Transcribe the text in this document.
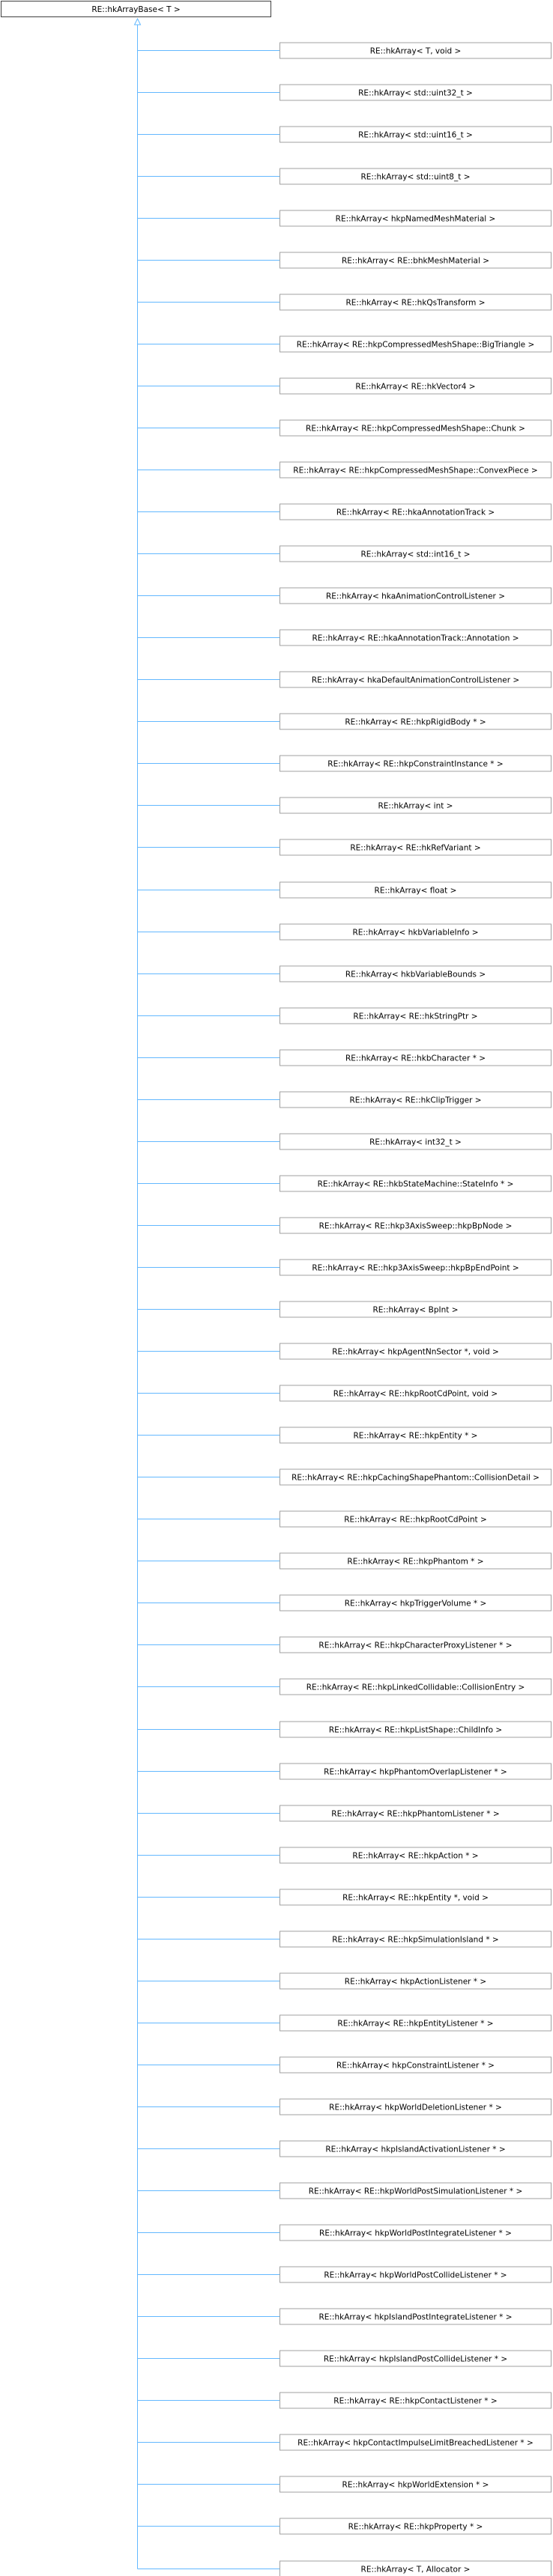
RE::hkArrayBase< T >
RE::hkArray< T, void >
RE::hkArray< std::uint32_t >
RE::hkArray< std::uint16_t >
RE::hkArray< std::uint8_t >
RE::hkArray< hkpNamedMeshMaterial >
RE::hkArray< RE::bhkMeshMaterial >
RE::hkArray< RE::hkQsTransform >
RE::hkArray< RE::hkpCompressedMeshShape::BigTriangle >
RE::hkArray< RE::hkVector4 >
RE::hkArray< RE::hkpCompressedMeshShape::Chunk >
RE::hkArray< RE::hkpCompressedMeshShape::ConvexPiece >
RE::hkArray< RE::hkaAnnotationTrack >
RE::hkArray< std::int16_t >
RE::hkArray< hkaAnimationControlListener >
RE::hkArray< RE::hkaAnnotationTrack::Annotation >
RE::hkArray< hkaDefaultAnimationControlListener >
RE::hkArray< RE::hkpRigidBody * >
RE::hkArray< RE::hkpConstraintInstance * >
RE::hkArray< int >
RE::hkArray< RE::hkRefVariant >
RE::hkArray< float >
RE::hkArray< hkbVariableInfo >
RE::hkArray< hkbVariableBounds >
RE::hkArray< RE::hkStringPtr >
RE::hkArray< RE::hkbCharacter * >
RE::hkArray< RE::hkClipTrigger >
RE::hkArray< int32_t >
RE::hkArray< RE::hkbStateMachine::StateInfo * >
RE::hkArray< RE::hkp3AxisSweep::hkpBpNode >
RE::hkArray< RE::hkp3AxisSweep::hkpBpEndPoint >
RE::hkArray< BpInt >
RE::hkArray< hkpAgentNnSector *, void >
RE::hkArray< RE::hkpRootCdPoint, void >
RE::hkArray< RE::hkpEntity * >
RE::hkArray< RE::hkpCachingShapePhantom::CollisionDetail >
RE::hkArray< RE::hkpRootCdPoint >
RE::hkArray< RE::hkpPhantom * >
RE::hkArray< hkpTriggerVolume * >
RE::hkArray< RE::hkpCharacterProxyListener * >
RE::hkArray< RE::hkpLinkedCollidable::CollisionEntry >
RE::hkArray< RE::hkpListShape::ChildInfo >
RE::hkArray< hkpPhantomOverlapListener * >
RE::hkArray< RE::hkpPhantomListener * >
RE::hkArray< RE::hkpAction * >
RE::hkArray< RE::hkpEntity *, void >
RE::hkArray< RE::hkpSimulationIsland * >
RE::hkArray< hkpActionListener * >
RE::hkArray< RE::hkpEntityListener * >
RE::hkArray< hkpConstraintListener * >
RE::hkArray< hkpWorldDeletionListener * >
RE::hkArray< hkpIslandActivationListener * >
RE::hkArray< RE::hkpWorldPostSimulationListener * >
RE::hkArray< hkpWorldPostIntegrateListener * >
RE::hkArray< hkpWorldPostCollideListener * >
RE::hkArray< hkpIslandPostIntegrateListener * >
RE::hkArray< hkpIslandPostCollideListener * >
RE::hkArray< RE::hkpContactListener * >
RE::hkArray< hkpContactImpulseLimitBreachedListener * >
RE::hkArray< hkpWorldExtension * >
RE::hkArray< RE::hkpProperty * >
RE::hkArray< T, Allocator >
